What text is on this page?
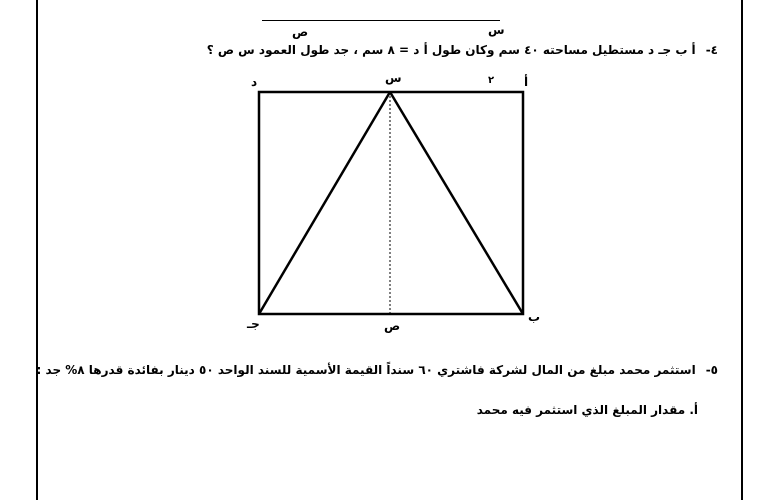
س
ص
٤-أ ب جـ د مستطيل مساحته ٤٠ سم وكان طول أ د = ٨ سم ، جد طول العمود س ص ؟
د	س	٢ أ
جـ	ص
ب
٥-استثمر محمد مبلغ من المال لشركة فاشتري ٦٠ سنداً القيمة الأسمية للسند الواحد ٥٠ دينار بفائدة قدرها ٨% جد :
أ. مقدار المبلغ الذي استثمر فيه محمد
